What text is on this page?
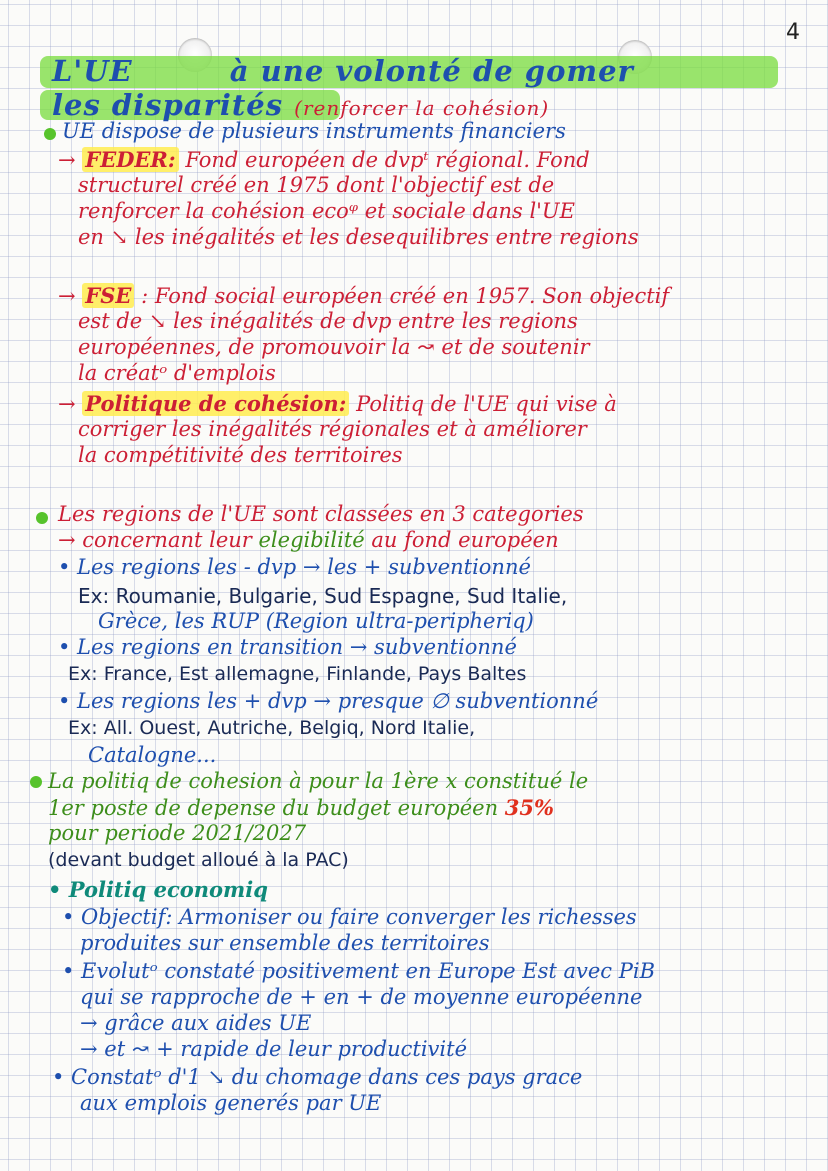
4
L'UE	à une volonté de gomer
les disparités (renforcer la cohésion)
UE dispose de plusieurs instruments financiers
→ FEDER: Fond européen de dvpᵗ régional. Fond
structurel créé en 1975 dont l'objectif est de
renforcer la cohésion ecoᵠ et sociale dans l'UE
en ↘ les inégalités et les desequilibres entre regions
→ FSE : Fond social européen créé en 1957. Son objectif
est de ↘ les inégalités de dvp entre les regions
européennes, de promouvoir la ↝ et de soutenir
la créatᵒ d'emplois
→ Politique de cohésion: Politiq de l'UE qui vise à
corriger les inégalités régionales et à améliorer
la compétitivité des territoires
Les regions de l'UE sont classées en 3 categories
→ concernant leur elegibilité au fond européen
• Les regions les - dvp → les + subventionné
Ex: Roumanie, Bulgarie, Sud Espagne, Sud Italie,
Grèce, les RUP (Region ultra-peripheriq)
• Les regions en transition → subventionné
Ex: France, Est allemagne, Finlande, Pays Baltes
• Les regions les + dvp → presque ∅ subventionné
Ex: All. Ouest, Autriche, Belgiq, Nord Italie,
Catalogne...
La politiq de cohesion à pour la 1ère x constitué le
1er poste de depense du budget européen 35%
pour periode 2021/2027
(devant budget alloué à la PAC)
• Politiq economiq
• Objectif: Armoniser ou faire converger les richesses
produites sur ensemble des territoires
• Evolutᵒ constaté positivement en Europe Est avec PiB
qui se rapproche de + en + de moyenne européenne
→ grâce aux aides UE
→ et ↝ + rapide de leur productivité
• Constatᵒ d'1 ↘ du chomage dans ces pays grace
aux emplois generés par UE
